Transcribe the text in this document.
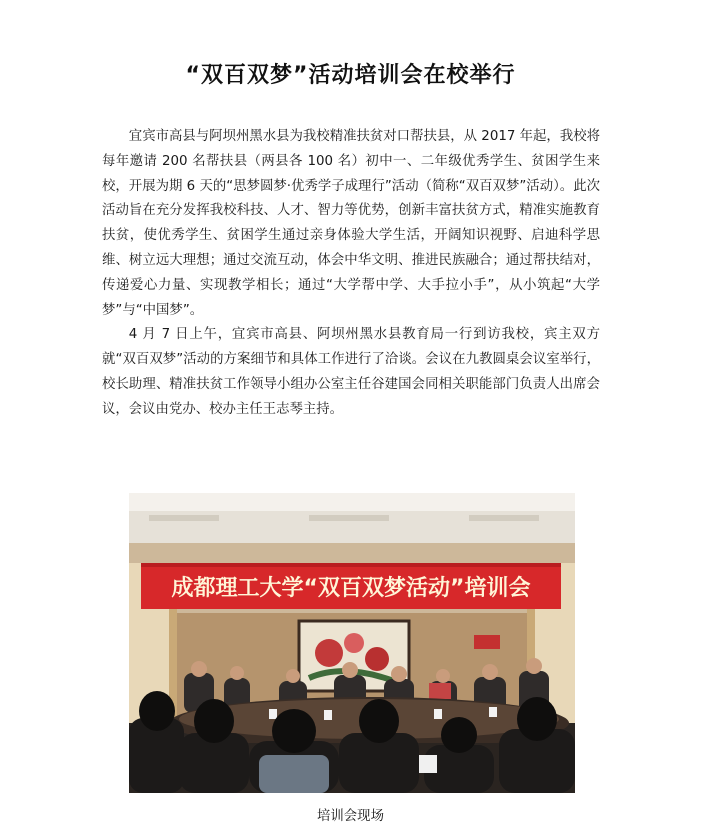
“双百双梦”活动培训会在校举行

宜宾市高县与阿坝州黑水县为我校精准扶贫对口帮扶县，从 2017 年起，我校将每年邀请 200 名帮扶县（两县各 100 名）初中一、二年级优秀学生、贫困学生来校，开展为期 6 天的“思梦圆梦·优秀学子成理行”活动（简称“双百双梦”活动）。此次活动旨在充分发挥我校科技、人才、智力等优势，创新丰富扶贫方式，精准实施教育扶贫，使优秀学生、贫困学生通过亲身体验大学生活，开阔知识视野、启迪科学思维、树立远大理想；通过交流互动，体会中华文明、推进民族融合；通过帮扶结对，传递爱心力量、实现教学相长；通过“大学帮中学、大手拉小手”，从小筑起“大学梦”与“中国梦”。

4 月 7 日上午，宜宾市高县、阿坝州黑水县教育局一行到访我校，宾主双方就“双百双梦”活动的方案细节和具体工作进行了洽谈。会议在九教圆桌会议室举行，校长助理、精准扶贫工作领导小组办公室主任谷建国会同相关职能部门负责人出席会议，会议由党办、校办主任王志琴主持。

成都理工大学“双百双梦活动”培训会
培训会现场
